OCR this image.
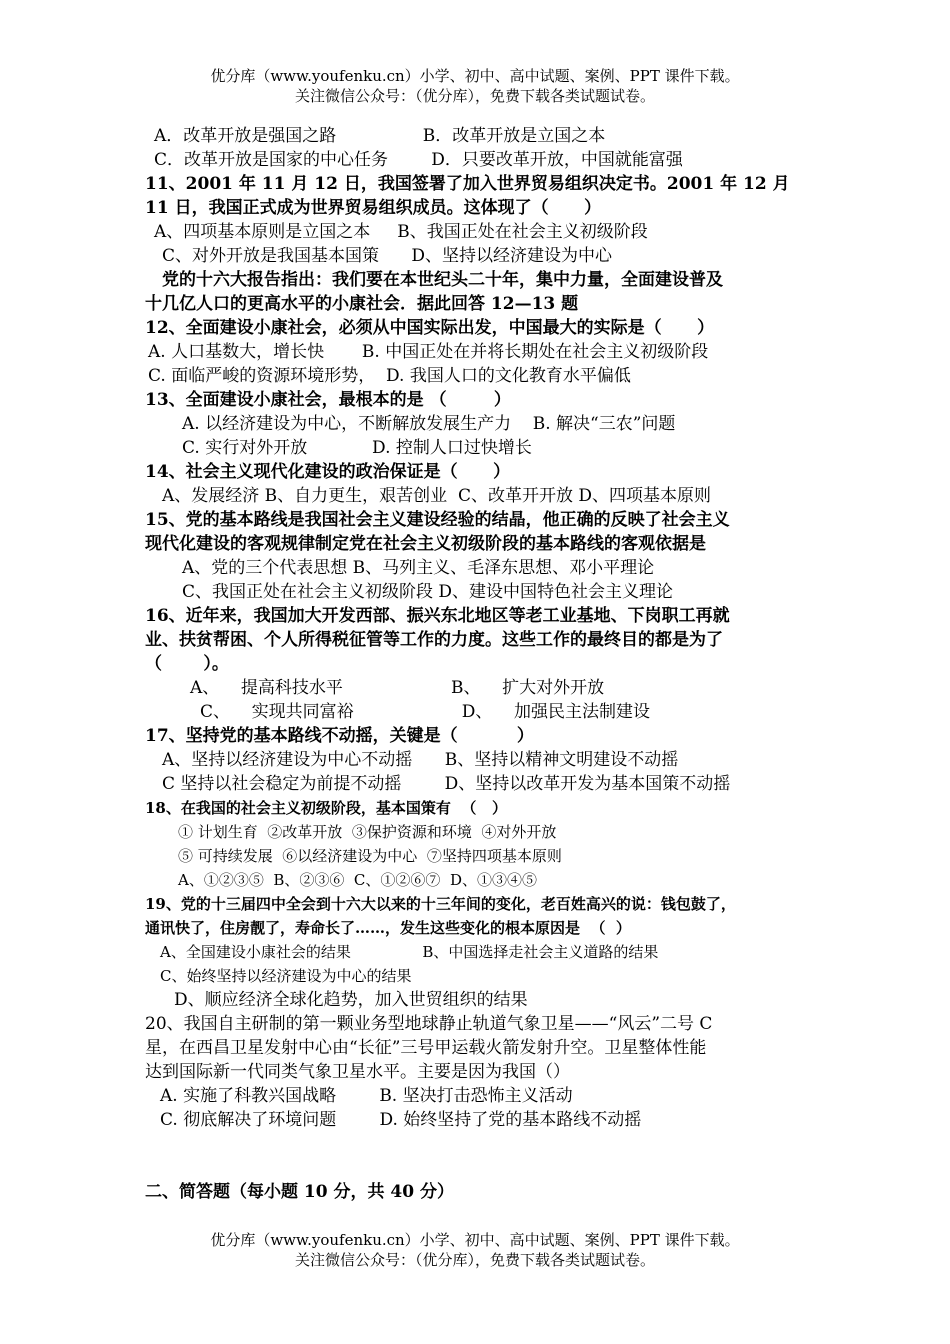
优分库（www.youfenku.cn）小学、初中、高中试题、案例、PPT 课件下载。
关注微信公众号：（优分库），免费下载各类试题试卷。
A．改革开放是强国之路                B．改革开放是立国之本
C．改革开放是国家的中心任务        D．只要改革开放，中国就能富强
11、2001 年 11 月 12 日，我国签署了加入世界贸易组织决定书。2001 年 12 月
11 日，我国正式成为世界贸易组织成员。这体现了（      ）
A、四项基本原则是立国之本     B、我国正处在社会主义初级阶段
C、对外开放是我国基本国策      D、坚持以经济建设为中心
党的十六大报告指出：我们要在本世纪头二十年，集中力量，全面建设普及
十几亿人口的更高水平的小康社会．据此回答 12—13 题
12、全面建设小康社会，必须从中国实际出发，中国最大的实际是（      ）
A. 人口基数大，增长快       B. 中国正处在并将长期处在社会主义初级阶段
C. 面临严峻的资源环境形势，  D. 我国人口的文化教育水平偏低
13、全面建设小康社会，最根本的是 （        ）
A. 以经济建设为中心，不断解放发展生产力    B. 解决“三农”问题
C. 实行对外开放            D. 控制人口过快增长
14、社会主义现代化建设的政治保证是（      ）
A、发展经济 B、自力更生，艰苦创业  C、改革开开放 D、四项基本原则
15、党的基本路线是我国社会主义建设经验的结晶，他正确的反映了社会主义
现代化建设的客观规律制定党在社会主义初级阶段的基本路线的客观依据是
A、党的三个代表思想 B、马列主义、毛泽东思想、邓小平理论
C、我国正处在社会主义初级阶段 D、建设中国特色社会主义理论
16、近年来，我国加大开发西部、振兴东北地区等老工业基地、下岗职工再就
业、扶贫帮困、个人所得税征管等工作的力度。这些工作的最终目的都是为了
（       ）。
A、    提高科技水平                    B、    扩大对外开放
C、    实现共同富裕                    D、    加强民主法制建设
17、坚持党的基本路线不动摇，关键是（          ）
A、坚持以经济建设为中心不动摇      B、坚持以精神文明建设不动摇
C 坚持以社会稳定为前提不动摇        D、坚持以改革开发为基本国策不动摇
18、在我国的社会主义初级阶段，基本国策有  （   ）
① 计划生育  ②改革开放  ③保护资源和环境  ④对外开放
⑤ 可持续发展  ⑥以经济建设为中心  ⑦坚持四项基本原则
A、①②③⑤  B、②③⑥  C、①②⑥⑦  D、①③④⑤
19、党的十三届四中全会到十六大以来的十三年间的变化，老百姓高兴的说：钱包鼓了，
通讯快了，住房靓了，寿命长了……，发生这些变化的根本原因是  （  ）
A、全国建设小康社会的结果               B、中国选择走社会主义道路的结果
C、始终坚持以经济建设为中心的结果
D、顺应经济全球化趋势，加入世贸组织的结果
20、我国自主研制的第一颗业务型地球静止轨道气象卫星——“风云”二号 C
星，在西昌卫星发射中心由“长征”三号甲运载火箭发射升空。卫星整体性能
达到国际新一代同类气象卫星水平。主要是因为我国（）
A. 实施了科教兴国战略        B. 坚决打击恐怖主义活动
C. 彻底解决了环境问题        D. 始终坚持了党的基本路线不动摇
二、简答题（每小题 10 分，共 40 分）
优分库（www.youfenku.cn）小学、初中、高中试题、案例、PPT 课件下载。
关注微信公众号：（优分库），免费下载各类试题试卷。
